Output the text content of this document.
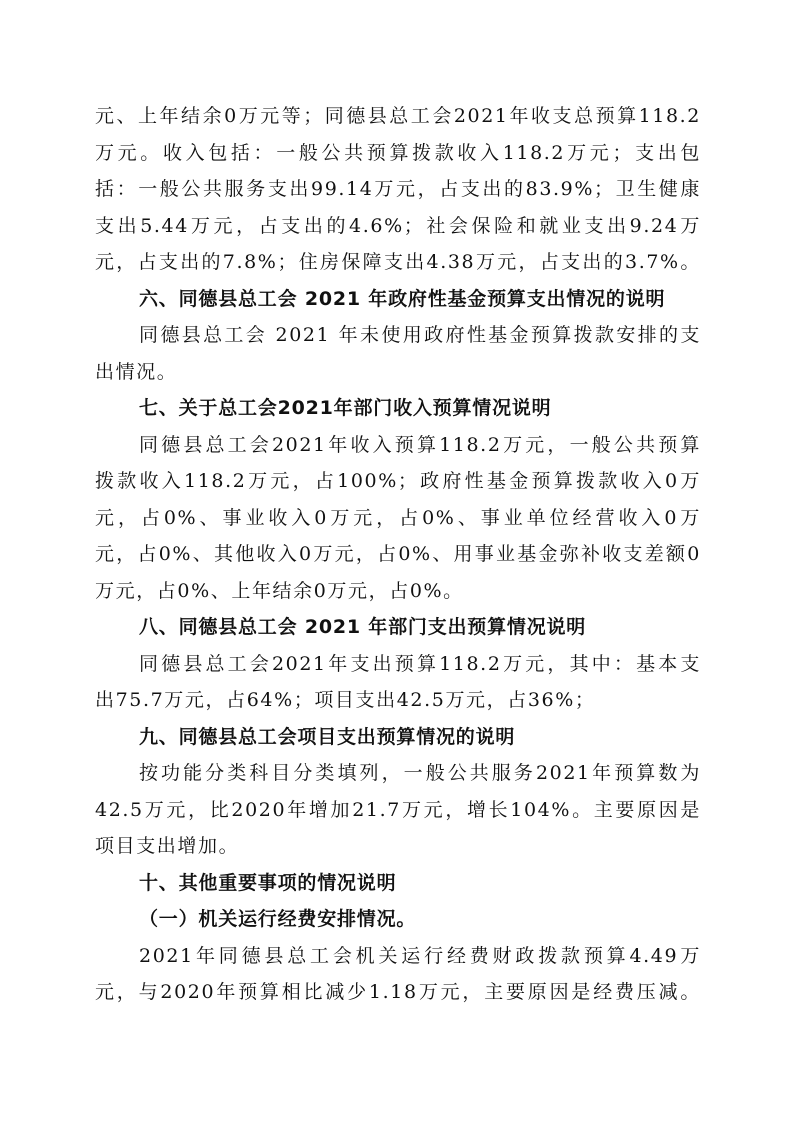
元、上年结余0万元等；同德县总工会2021年收支总预算118.2
万元。收入包括：一般公共预算拨款收入118.2万元；支出包
括：一般公共服务支出99.14万元，占支出的83.9%；卫生健康
支出5.44万元，占支出的4.6%；社会保险和就业支出9.24万
元，占支出的7.8%；住房保障支出4.38万元，占支出的3.7%。
六、同德县总工会 2021 年政府性基金预算支出情况的说明
同德县总工会 2021 年未使用政府性基金预算拨款安排的支
出情况。
七、关于总工会2021年部门收入预算情况说明
同德县总工会2021年收入预算118.2万元，一般公共预算
拨款收入118.2万元，占100%；政府性基金预算拨款收入0万
元，占0%、事业收入0万元，占0%、事业单位经营收入0万
元，占0%、其他收入0万元，占0%、用事业基金弥补收支差额0
万元，占0%、上年结余0万元，占0%。
八、同德县总工会 2021 年部门支出预算情况说明
同德县总工会2021年支出预算118.2万元，其中：基本支
出75.7万元，占64%；项目支出42.5万元，占36%；
九、同德县总工会项目支出预算情况的说明
按功能分类科目分类填列，一般公共服务2021年预算数为
42.5万元，比2020年增加21.7万元，增长104%。主要原因是
项目支出增加。
十、其他重要事项的情况说明
（一）机关运行经费安排情况。
2021年同德县总工会机关运行经费财政拨款预算4.49万
元，与2020年预算相比减少1.18万元，主要原因是经费压减。
